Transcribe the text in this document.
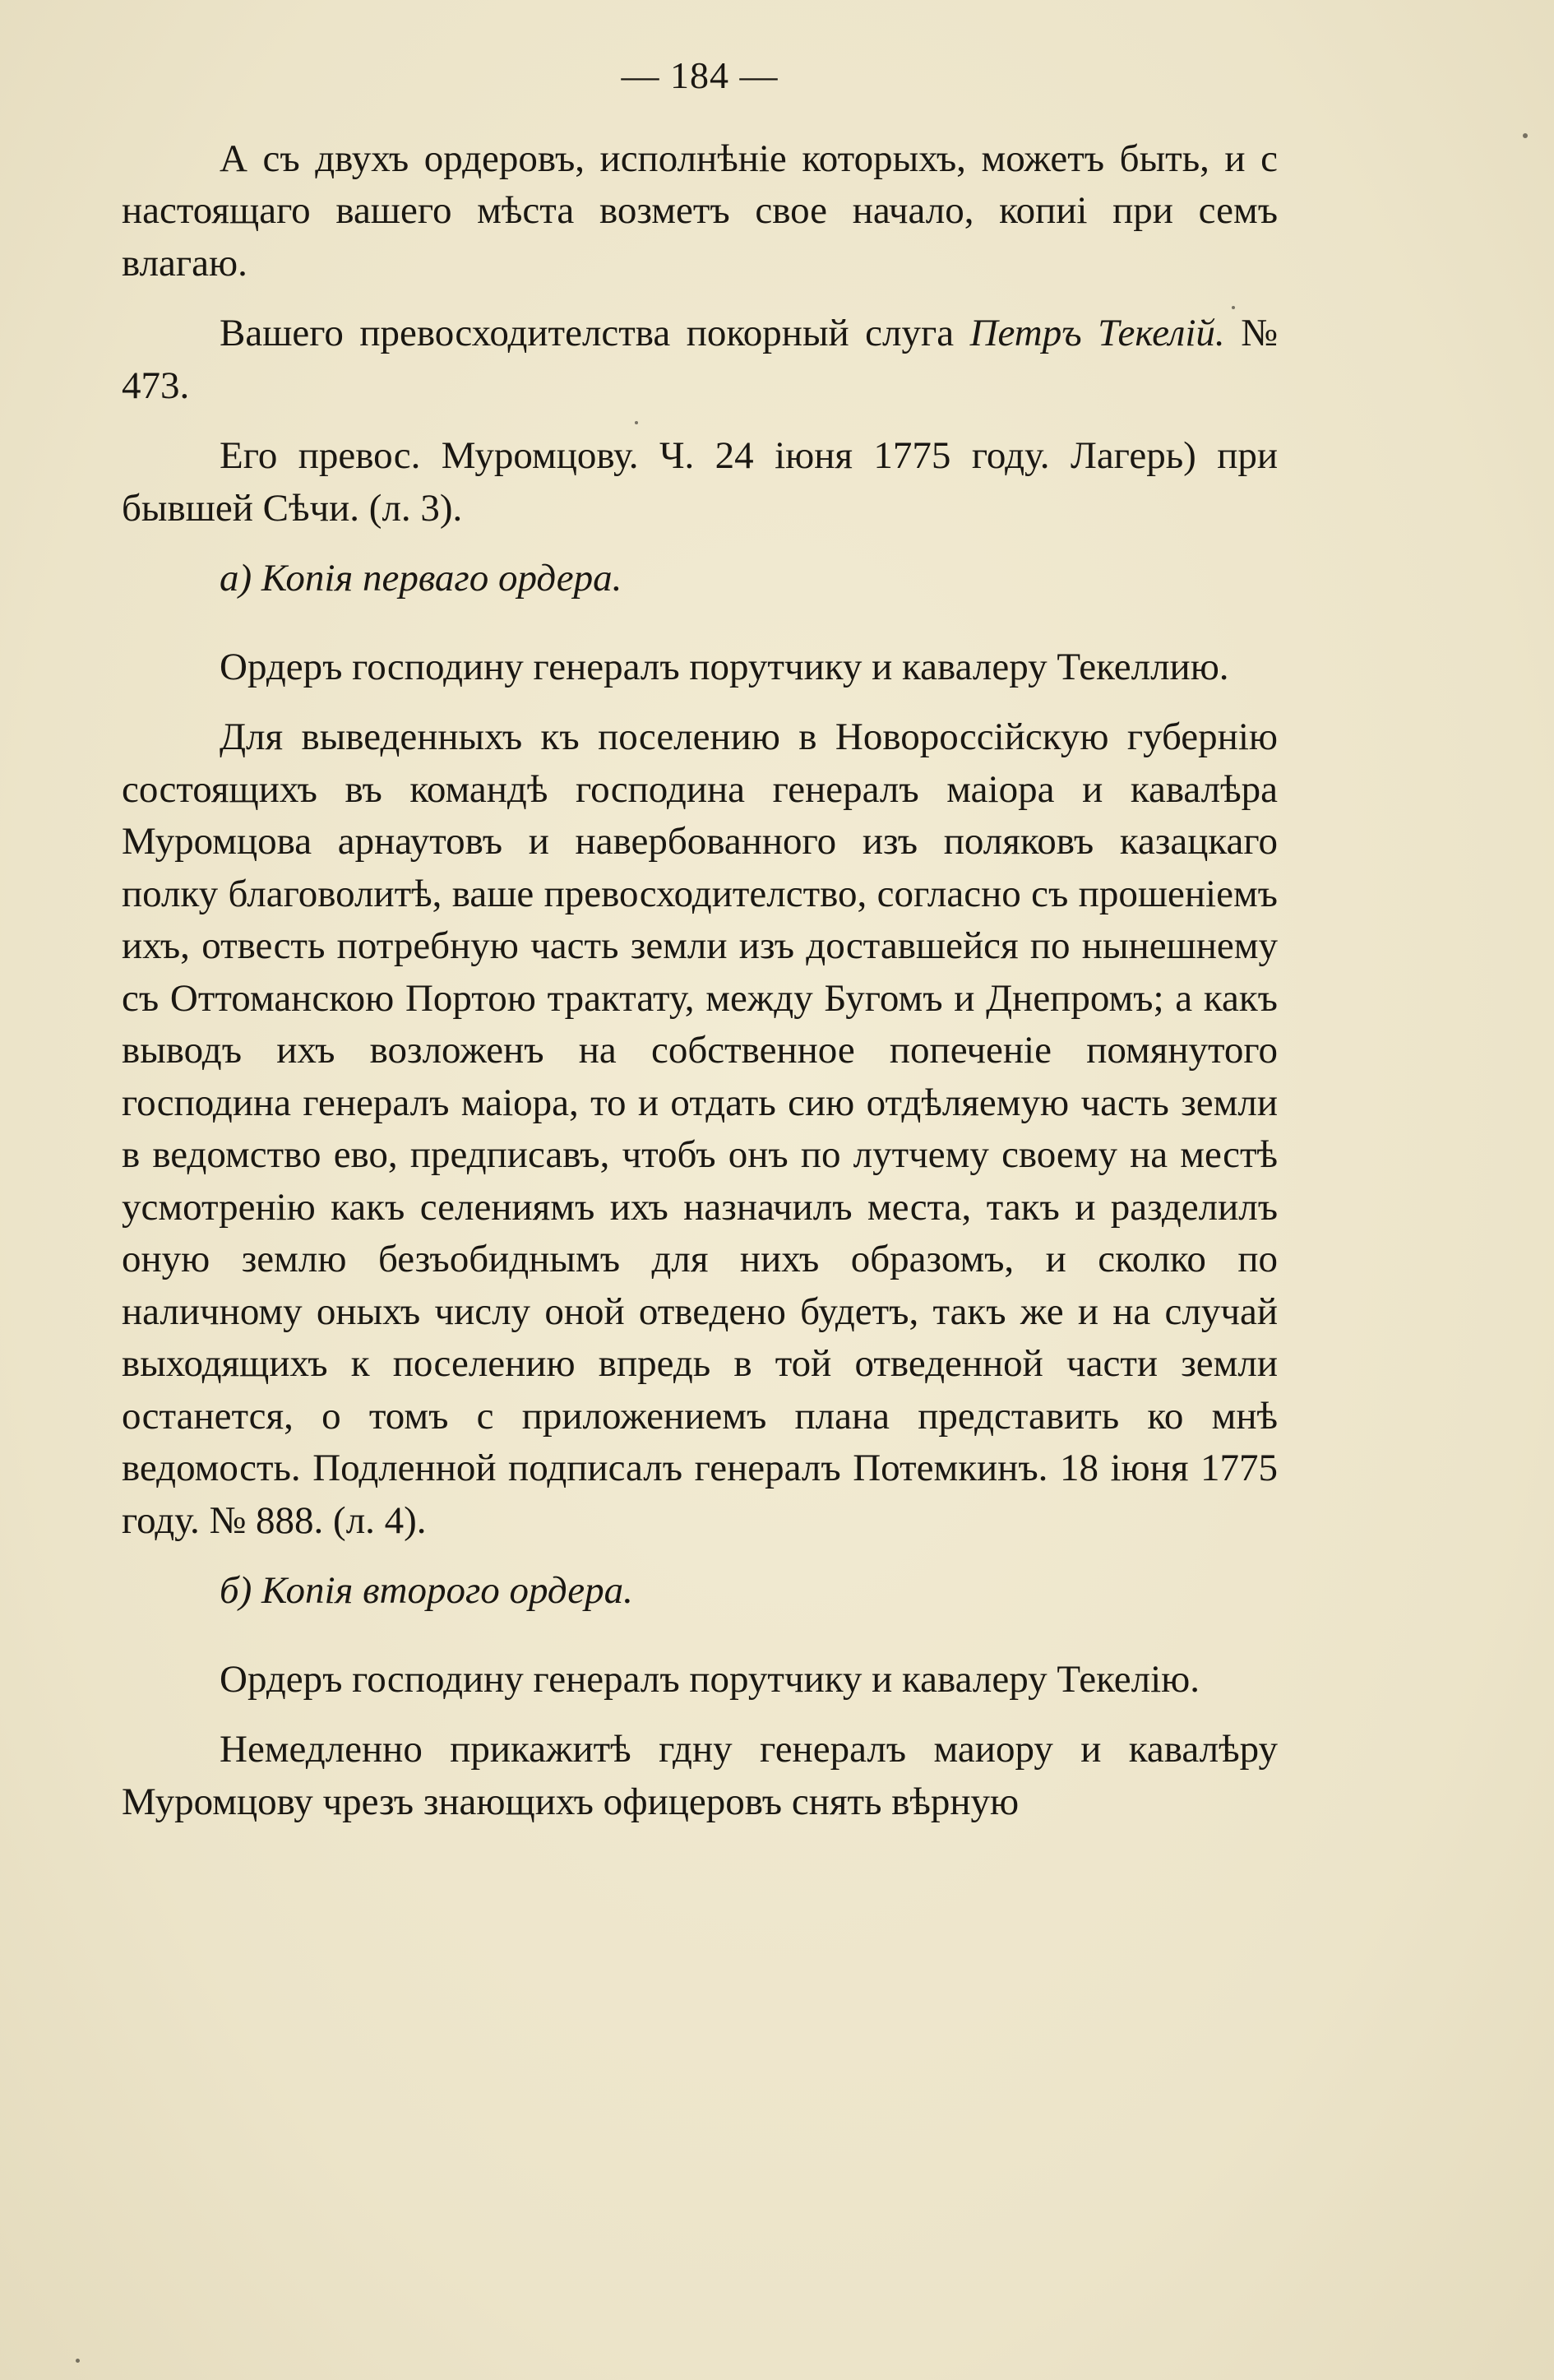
— 184 —

А съ двухъ ордеровъ, исполнѣніе которыхъ, можетъ быть, и с настоящаго вашего мѣста возметъ свое начало, копиі при семъ влагаю.

Вашего превосходителства покорный слуга Петръ Текелій. № 473.

Его превос. Муромцову. Ч. 24 іюня 1775 году. Лагерь) при бывшей Сѣчи. (л. 3).

а) Копія перваго ордера.

Ордеръ господину генералъ порутчику и кавалеру Текеллию.

Для выведенныхъ къ поселению в Новороссійскую губернію состоящихъ въ командѣ господина генералъ маіора и кавалѣра Муромцова арнаутовъ и навербованного изъ поляковъ казацкаго полку благоволитѣ, ваше превосходителство, согласно съ прошеніемъ ихъ, отвесть потребную часть земли изъ доставшейся по нынешнему съ Оттоманскою Портою трактату, между Бугомъ и Днепромъ; а какъ выводъ ихъ возложенъ на собственное попеченіе помянутого господина генералъ маіора, то и отдать сию отдѣляемую часть земли в ведомство ево, предписавъ, чтобъ онъ по лутчему своему на местѣ усмотренію какъ селениямъ ихъ назначилъ места, такъ и разделилъ оную землю безъобиднымъ для нихъ образомъ, и сколко по наличному оныхъ числу оной отведено будетъ, такъ же и на случай выходящихъ к поселению впредь в той отведенной части земли останется, о томъ с приложениемъ плана представить ко мнѣ ведомость. Подленной подписалъ генералъ Потемкинъ. 18 іюня 1775 году. № 888. (л. 4).

б) Копія второго ордера.

Ордеръ господину генералъ порутчику и кавалеру Текелію.

Немедленно прикажитѣ гдну генералъ маиору и кавалѣру Муромцову чрезъ знающихъ офицеровъ снять вѣрную
